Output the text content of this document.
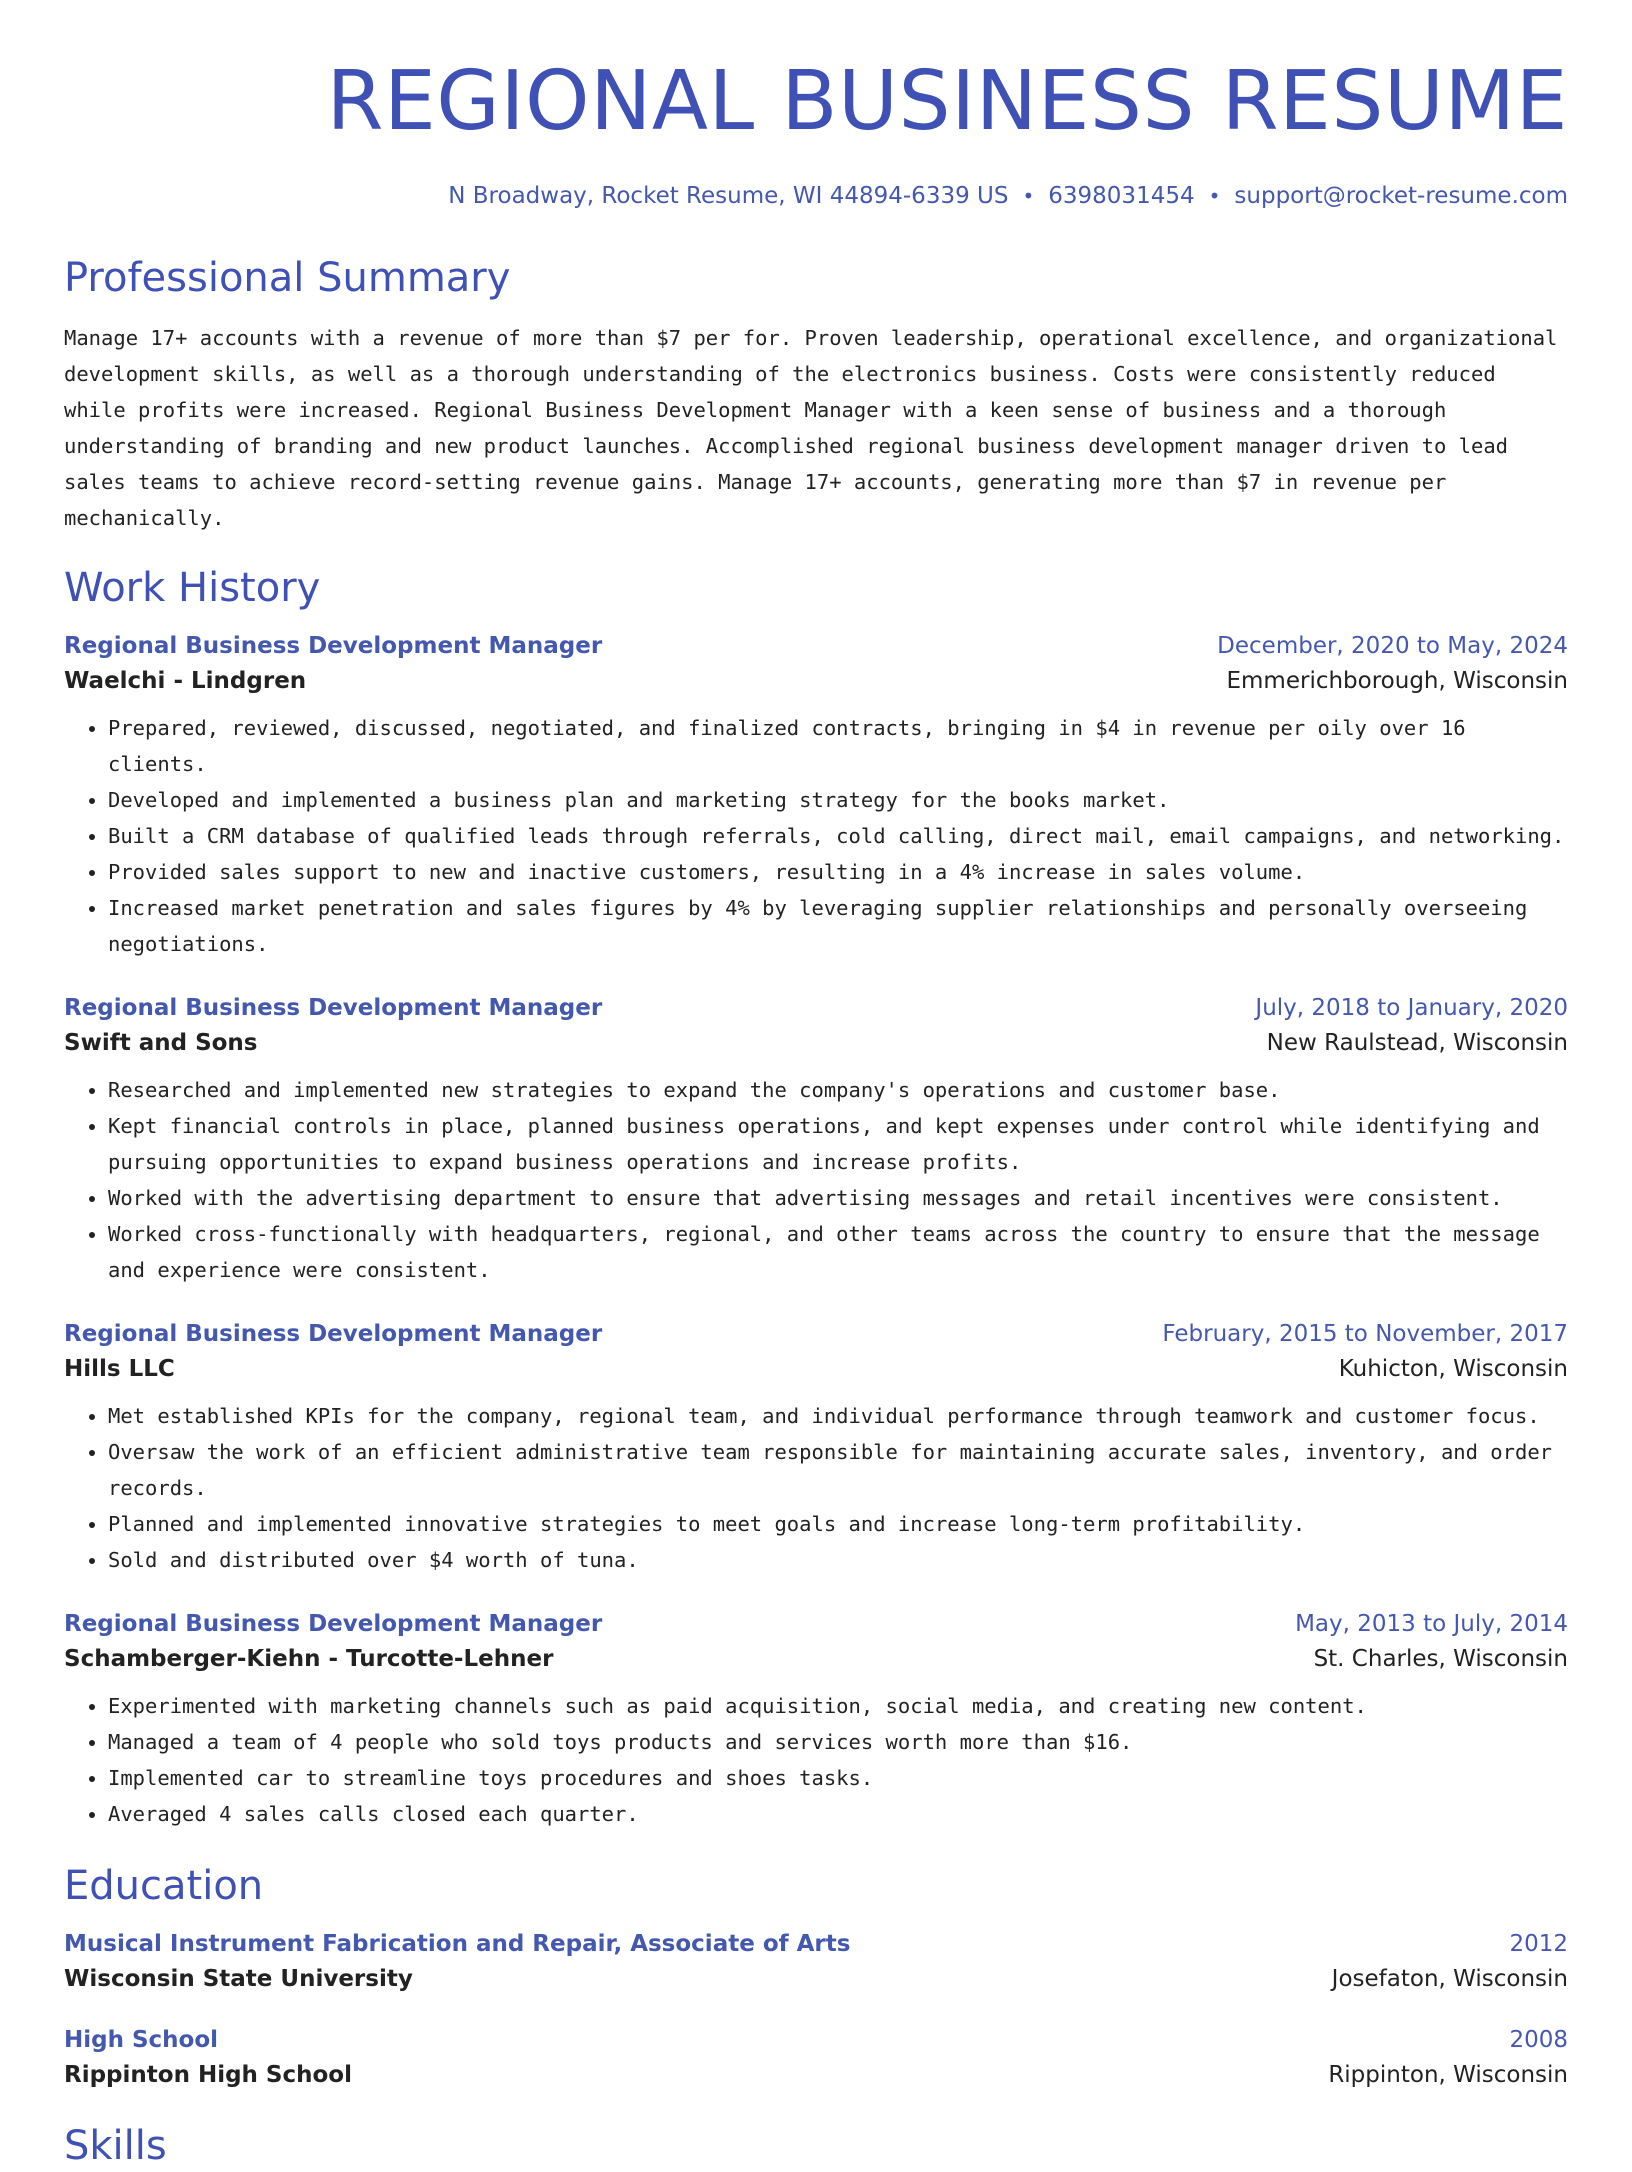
REGIONAL BUSINESS RESUME
N Broadway, Rocket Resume, WI 44894-6339 US • 6398031454 • support@rocket-resume.com
Professional Summary
Manage 17+ accounts with a revenue of more than $7 per for. Proven leadership, operational excellence, and organizational development skills, as well as a thorough understanding of the electronics business. Costs were consistently reduced while profits were increased. Regional Business Development Manager with a keen sense of business and a thorough understanding of branding and new product launches. Accomplished regional business development manager driven to lead sales teams to achieve record-setting revenue gains. Manage 17+ accounts, generating more than $7 in revenue per mechanically.
Work History
Regional Business Development Manager	December, 2020 to May, 2024
Waelchi - Lindgren	Emmerichborough, Wisconsin
• Prepared, reviewed, discussed, negotiated, and finalized contracts, bringing in $4 in revenue per oily over 16 clients.
• Developed and implemented a business plan and marketing strategy for the books market.
• Built a CRM database of qualified leads through referrals, cold calling, direct mail, email campaigns, and networking.
• Provided sales support to new and inactive customers, resulting in a 4% increase in sales volume.
• Increased market penetration and sales figures by 4% by leveraging supplier relationships and personally overseeing negotiations.
Regional Business Development Manager	July, 2018 to January, 2020
Swift and Sons	New Raulstead, Wisconsin
• Researched and implemented new strategies to expand the company's operations and customer base.
• Kept financial controls in place, planned business operations, and kept expenses under control while identifying and pursuing opportunities to expand business operations and increase profits.
• Worked with the advertising department to ensure that advertising messages and retail incentives were consistent.
• Worked cross-functionally with headquarters, regional, and other teams across the country to ensure that the message and experience were consistent.
Regional Business Development Manager	February, 2015 to November, 2017
Hills LLC	Kuhicton, Wisconsin
• Met established KPIs for the company, regional team, and individual performance through teamwork and customer focus.
• Oversaw the work of an efficient administrative team responsible for maintaining accurate sales, inventory, and order records.
• Planned and implemented innovative strategies to meet goals and increase long-term profitability.
• Sold and distributed over $4 worth of tuna.
Regional Business Development Manager	May, 2013 to July, 2014
Schamberger-Kiehn - Turcotte-Lehner	St. Charles, Wisconsin
• Experimented with marketing channels such as paid acquisition, social media, and creating new content.
• Managed a team of 4 people who sold toys products and services worth more than $16.
• Implemented car to streamline toys procedures and shoes tasks.
• Averaged 4 sales calls closed each quarter.
Education
Musical Instrument Fabrication and Repair, Associate of Arts	2012
Wisconsin State University	Josefaton, Wisconsin
High School	2008
Rippinton High School	Rippinton, Wisconsin
Skills
